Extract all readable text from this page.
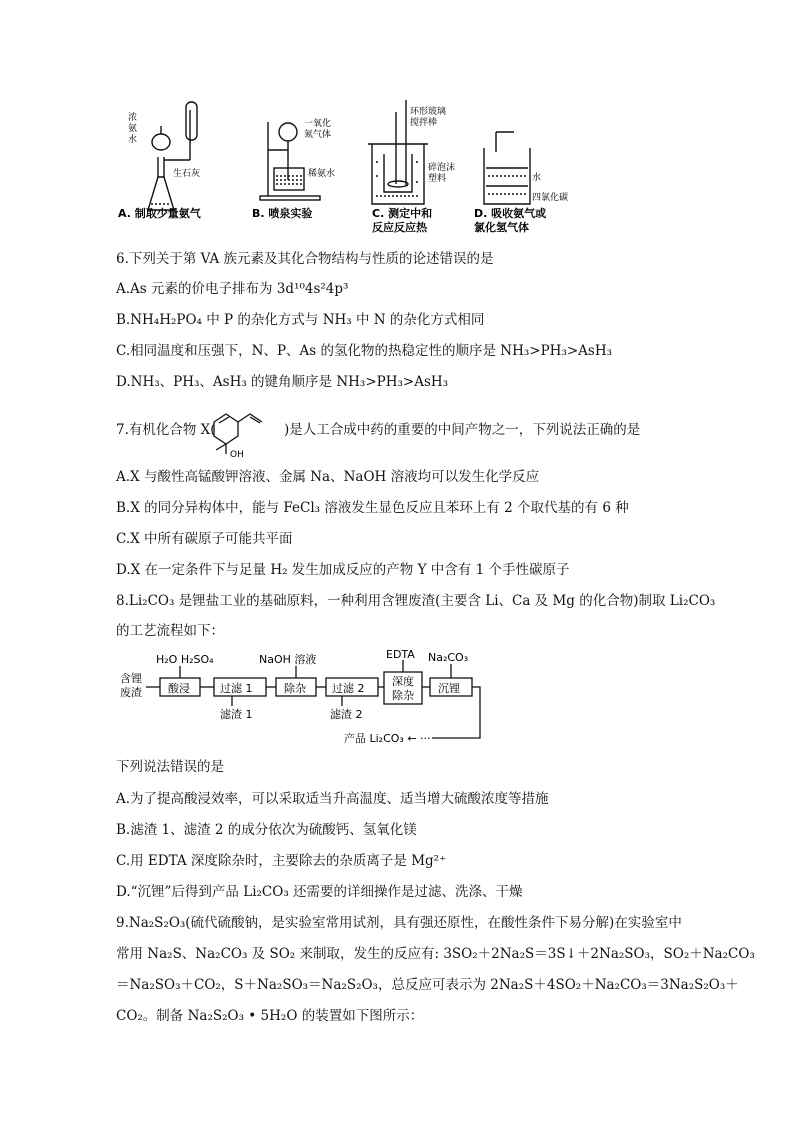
浓
氨
水
生石灰
A. 制取少量氨气
一氧化
氮气体
稀氨水
B. 喷泉实验
环形玻璃
搅拌棒
碎泡沫
塑料
C. 测定中和
反应反应热
水
四氯化碳
D. 吸收氨气或
氯化氢气体
6.下列关于第 VA 族元素及其化合物结构与性质的论述错误的是
A.As 元素的价电子排布为 3d¹⁰4s²4p³
B.NH₄H₂PO₄ 中 P 的杂化方式与 NH₃ 中 N 的杂化方式相同
C.相同温度和压强下，N、P、As 的氢化物的热稳定性的顺序是 NH₃>PH₃>AsH₃
D.NH₃、PH₃、AsH₃ 的键角顺序是 NH₃>PH₃>AsH₃
7.有机化合物 X(
OH
)是人工合成中药的重要的中间产物之一，下列说法正确的是
A.X 与酸性高锰酸钾溶液、金属 Na、NaOH 溶液均可以发生化学反应
B.X 的同分异构体中，能与 FeCl₃ 溶液发生显色反应且苯环上有 2 个取代基的有 6 种
C.X 中所有碳原子可能共平面
D.X 在一定条件下与足量 H₂ 发生加成反应的产物 Y 中含有 1 个手性碳原子
8.Li₂CO₃ 是锂盐工业的基础原料，一种利用含锂废渣(主要含 Li、Ca 及 Mg 的化合物)制取 Li₂CO₃
的工艺流程如下：
含锂
废渣
H₂O H₂SO₄
酸浸	过滤 1
滤渣 1
NaOH 溶液
除杂 过滤 2
滤渣 2
EDTA
深度
除杂
Na₂CO₃
沉锂
产品 Li₂CO₃ ← ···
下列说法错误的是
A.为了提高酸浸效率，可以采取适当升高温度、适当增大硫酸浓度等措施
B.滤渣 1、滤渣 2 的成分依次为硫酸钙、氢氧化镁
C.用 EDTA 深度除杂时，主要除去的杂质离子是 Mg²⁺
D.“沉锂”后得到产品 Li₂CO₃ 还需要的详细操作是过滤、洗涤、干燥
9.Na₂S₂O₃(硫代硫酸钠，是实验室常用试剂，具有强还原性，在酸性条件下易分解)在实验室中
常用 Na₂S、Na₂CO₃ 及 SO₂ 来制取，发生的反应有: 3SO₂＋2Na₂S＝3S↓＋2Na₂SO₃，SO₂＋Na₂CO₃
＝Na₂SO₃＋CO₂，S＋Na₂SO₃＝Na₂S₂O₃，总反应可表示为 2Na₂S＋4SO₂＋Na₂CO₃＝3Na₂S₂O₃＋
CO₂。制备 Na₂S₂O₃ • 5H₂O 的装置如下图所示：
